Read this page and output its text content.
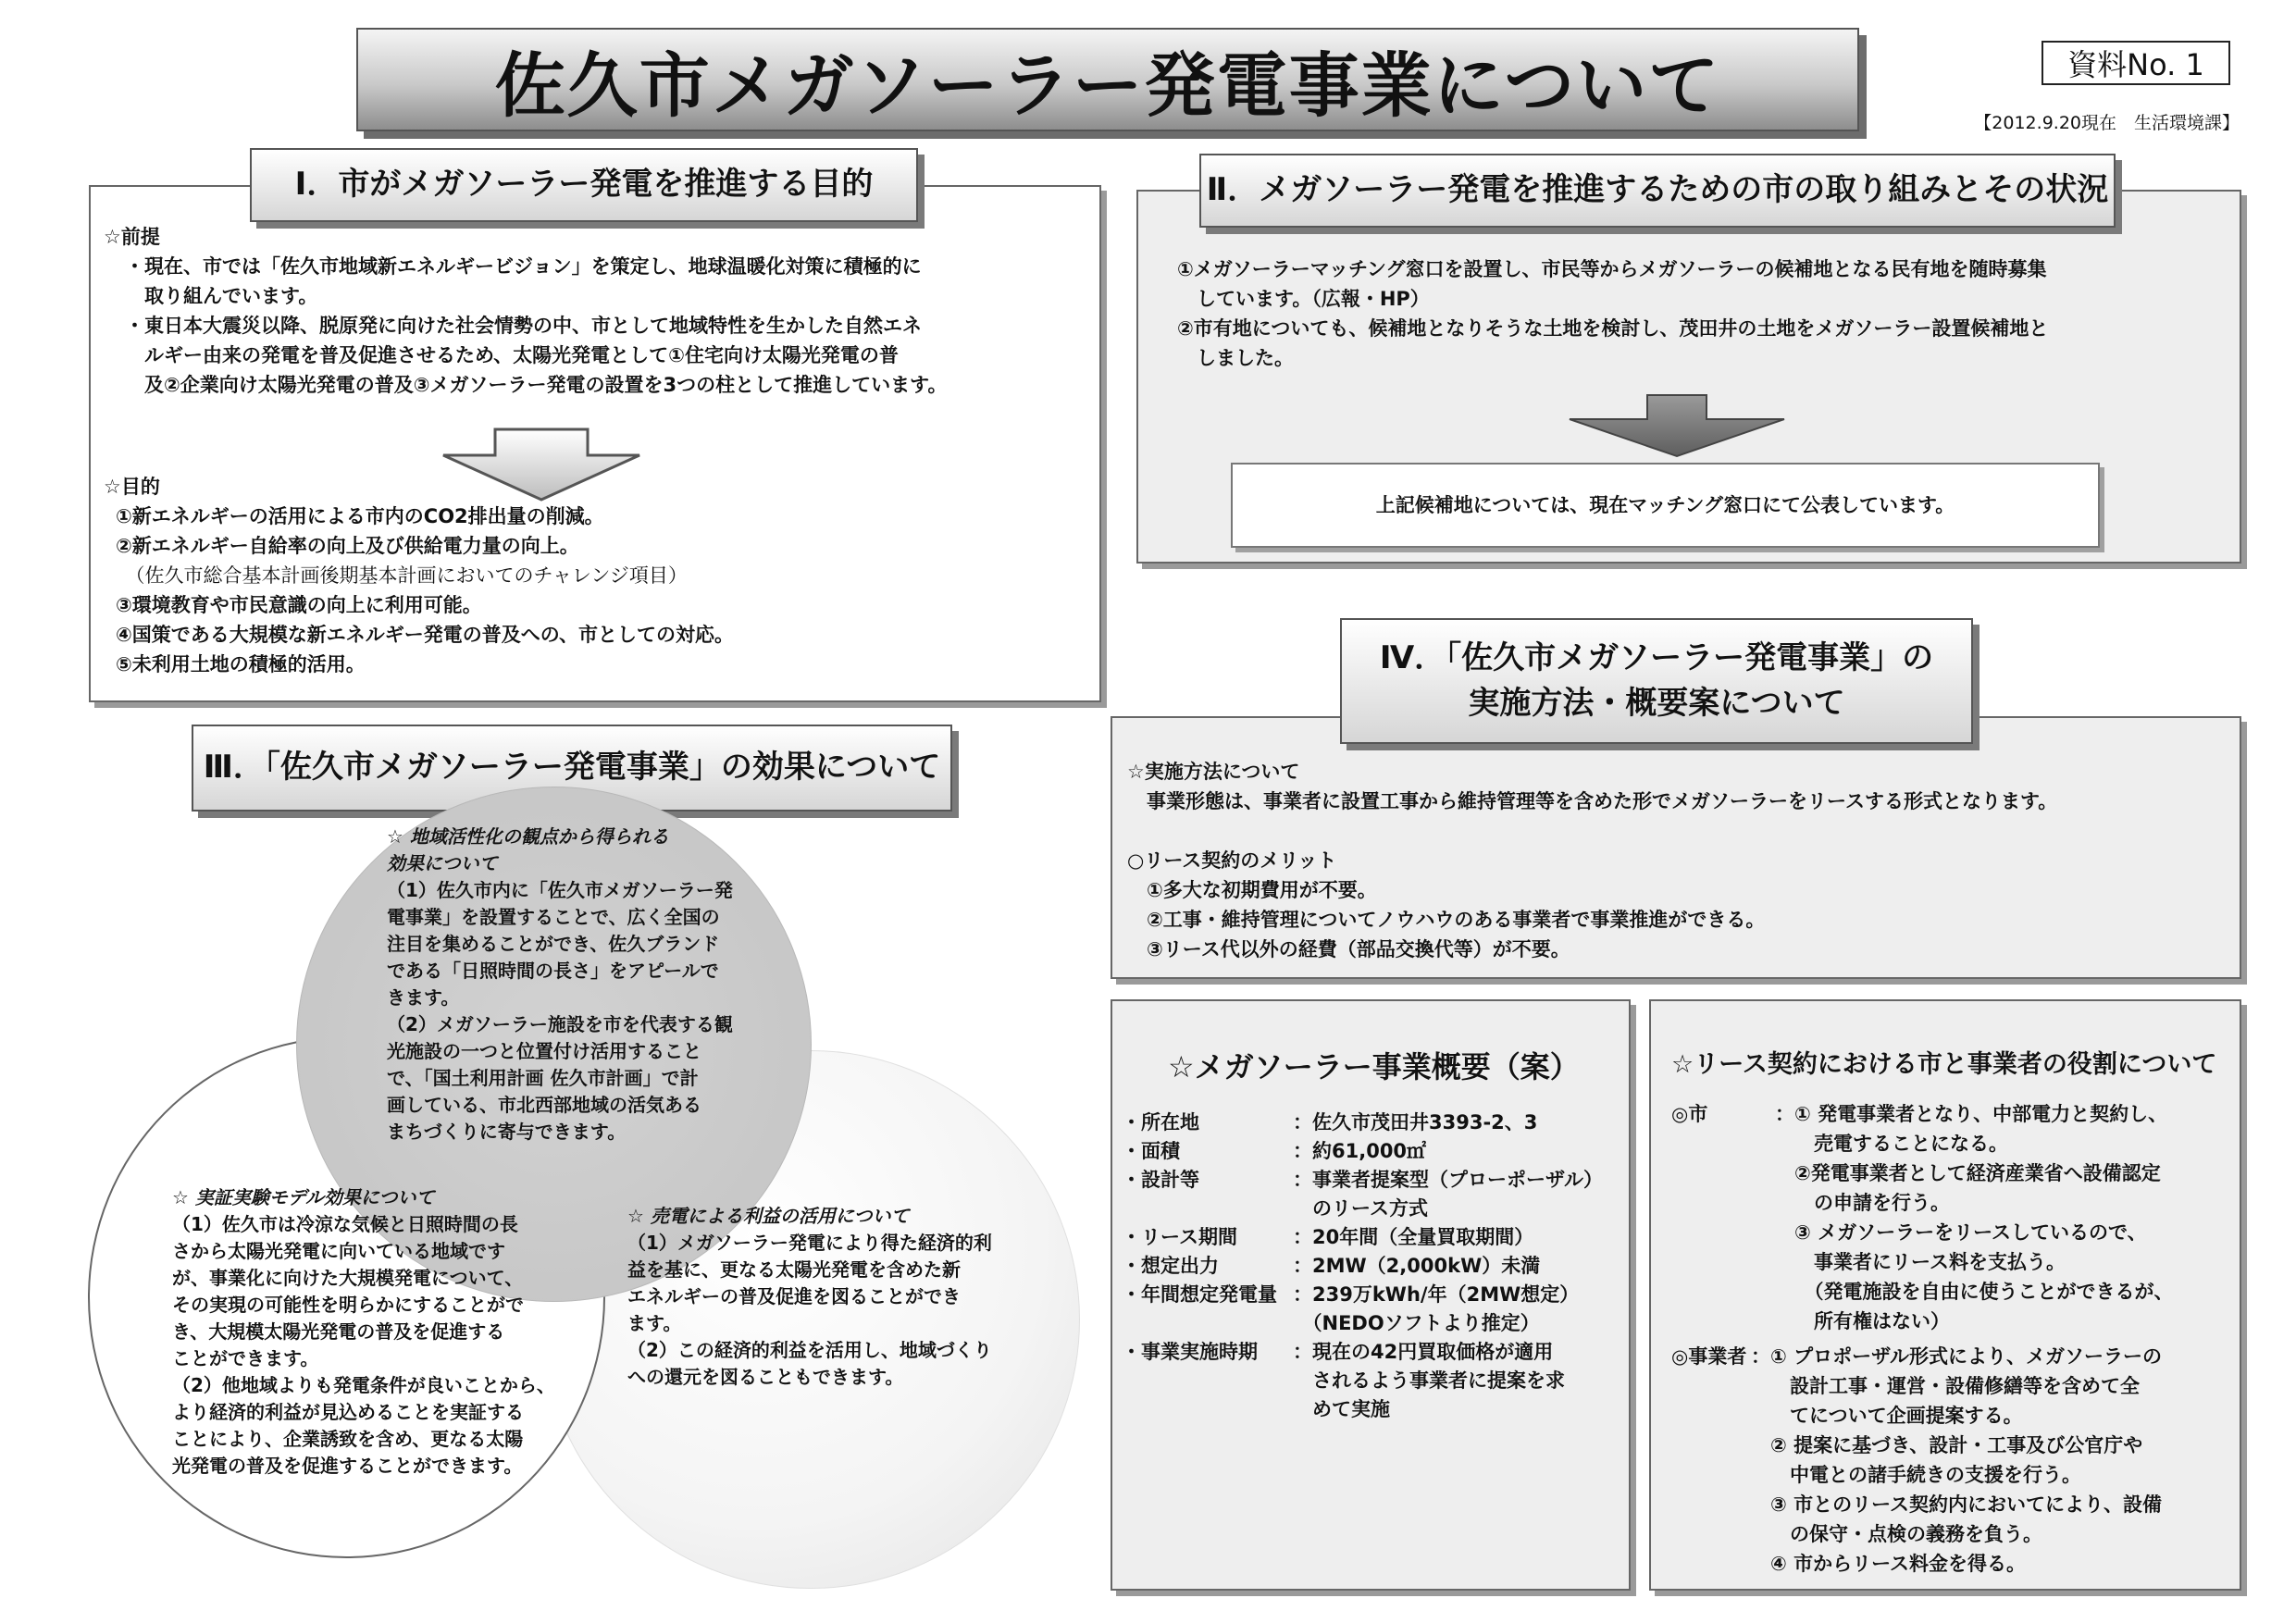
佐久市メガソーラー発電事業について	資料No. 1
【2012.9.20現在　生活環境課】
Ⅰ．市がメガソーラー発電を推進する目的
☆前提
・現在、市では「佐久市地域新エネルギービジョン」を策定し、地球温暖化対策に積極的に
　取り組んでいます。
・東日本大震災以降、脱原発に向けた社会情勢の中、市として地域特性を生かした自然エネ
　ルギー由来の発電を普及促進させるため、太陽光発電として①住宅向け太陽光発電の普
　及②企業向け太陽光発電の普及③メガソーラー発電の設置を3つの柱として推進しています。
☆目的
①新エネルギーの活用による市内のCO2排出量の削減。
②新エネルギー自給率の向上及び供給電力量の向上。
　（佐久市総合基本計画後期基本計画においてのチャレンジ項目）
③環境教育や市民意識の向上に利用可能。
④国策である大規模な新エネルギー発電の普及への、市としての対応。
⑤未利用土地の積極的活用。
Ⅱ．メガソーラー発電を推進するための市の取り組みとその状況
①メガソーラーマッチング窓口を設置し、市民等からメガソーラーの候補地となる民有地を随時募集
　しています。（広報・HP）
②市有地についても、候補地となりそうな土地を検討し、茂田井の土地をメガソーラー設置候補地と
　しました。
上記候補地については、現在マッチング窓口にて公表しています。
Ⅲ．「佐久市メガソーラー発電事業」の効果について
☆ 地域活性化の観点から得られる
効果について
（1）佐久市内に「佐久市メガソーラー発
電事業」を設置することで、広く全国の
注目を集めることができ、佐久ブランド
である「日照時間の長さ」をアピールで
きます。
（2）メガソーラー施設を市を代表する観
光施設の一つと位置付け活用すること
で、「国土利用計画 佐久市計画」で計
画している、市北西部地域の活気ある
まちづくりに寄与できます。
☆ 実証実験モデル効果について
（1）佐久市は冷涼な気候と日照時間の長
さから太陽光発電に向いている地域です
が、事業化に向けた大規模発電について、
その実現の可能性を明らかにすることがで
き、大規模太陽光発電の普及を促進する
ことができます。
（2）他地域よりも発電条件が良いことから、
より経済的利益が見込めることを実証する
ことにより、企業誘致を含め、更なる太陽
光発電の普及を促進することができます。
☆ 売電による利益の活用について
（1）メガソーラー発電により得た経済的利
益を基に、更なる太陽光発電を含めた新
エネルギーの普及促進を図ることができ
ます。
（2）この経済的利益を活用し、地域づくり
への還元を図ることもできます。
Ⅳ．「佐久市メガソーラー発電事業」の
実施方法・概要案について
☆実施方法について
　事業形態は、事業者に設置工事から維持管理等を含めた形でメガソーラーをリースする形式となります。

○リース契約のメリット
　①多大な初期費用が不要。
　②工事・維持管理についてノウハウのある事業者で事業推進ができる。
　③リース代以外の経費（部品交換代等）が不要。
☆メガソーラー事業概要（案）
・所在地	：佐久市茂田井3393-2、3
・面積	：約61,000㎡
・設計等	：事業者提案型（プローポーザル）
	　のリース方式
・リース期間	：20年間（全量買取期間）
・想定出力	：2MW（2,000kW）未満
・年間想定発電量	：239万kWh/年（2MW想定）
	　（NEDOソフトより推定）
・事業実施時期	：現在の42円買取価格が適用
	　されるよう事業者に提案を求
	　めて実施
☆リース契約における市と事業者の役割について
◎市	：① 発電事業者となり、中部電力と契約し、
　　売電することになる。
　②発電事業者として経済産業省へ設備認定
　　の申請を行う。
　③ メガソーラーをリースしているので、
　　事業者にリース料を支払う。
　　（発電施設を自由に使うことができるが、
　　所有権はない）
◎事業者 ：① プロポーザル形式により、メガソーラーの
　　設計工事・運営・設備修繕等を含めて全
　　てについて企画提案する。
　② 提案に基づき、設計・工事及び公官庁や
　　中電との諸手続きの支援を行う。
　③ 市とのリース契約内においてにより、設備
　　の保守・点検の義務を負う。
　④ 市からリース料金を得る。
